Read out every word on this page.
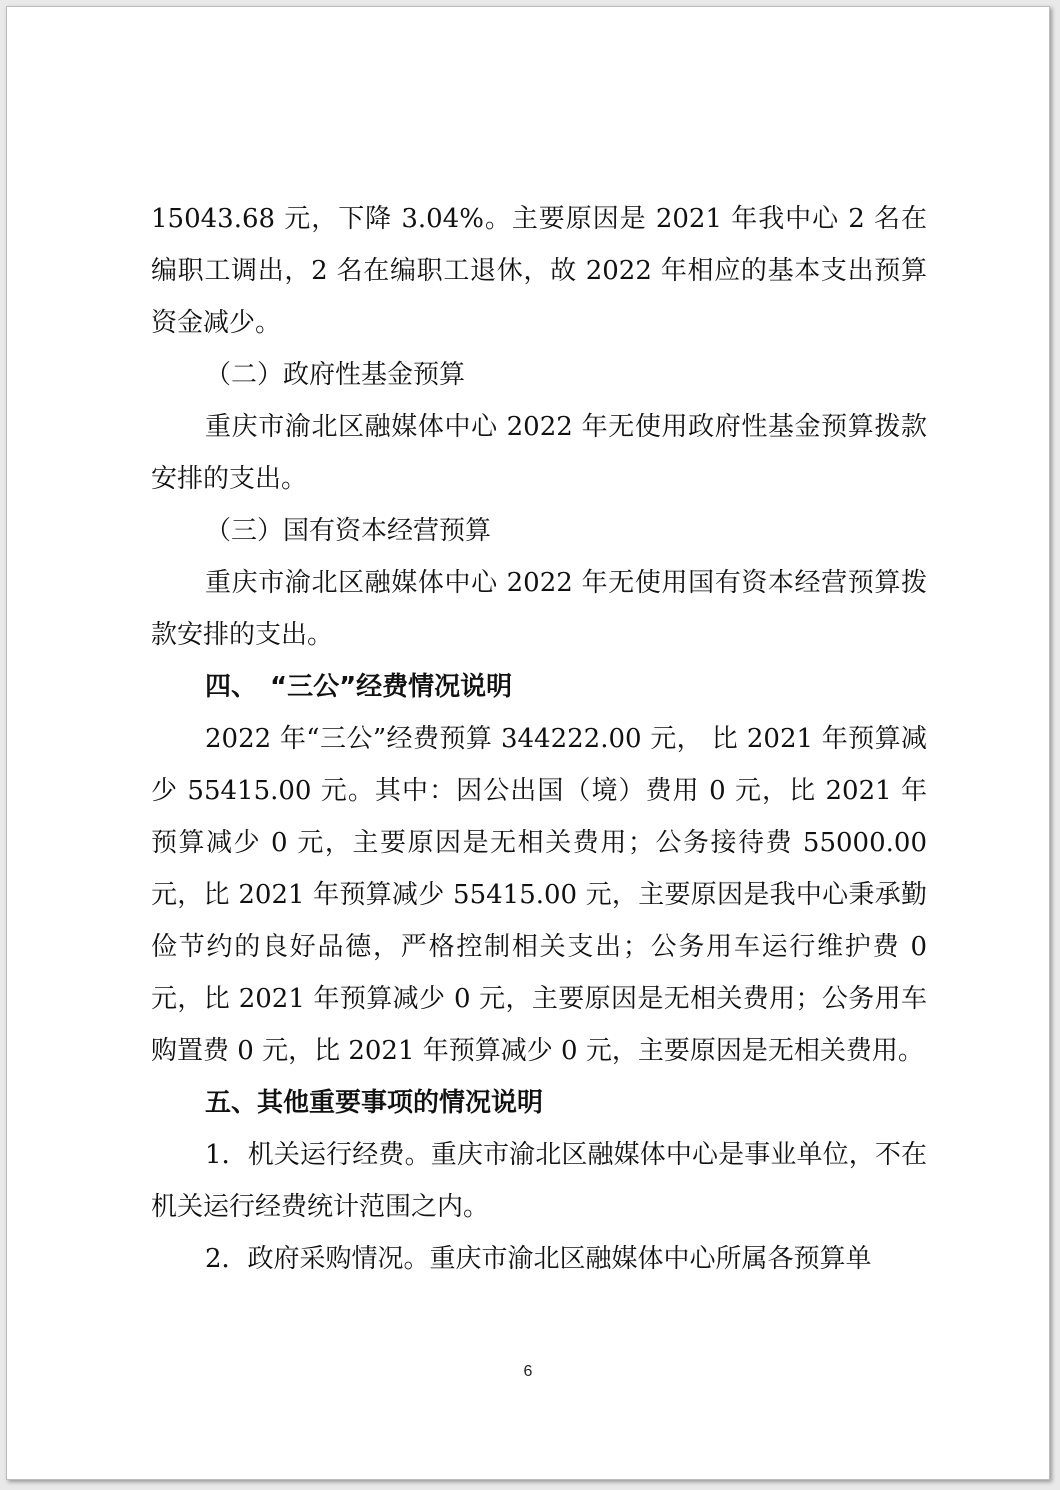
15043.68 元，下降 3.04%。主要原因是 2021 年我中心 2 名在编职工调出，2 名在编职工退休，故 2022 年相应的基本支出预算资金减少。

（二）政府性基金预算

重庆市渝北区融媒体中心 2022 年无使用政府性基金预算拨款安排的支出。

（三）国有资本经营预算

重庆市渝北区融媒体中心 2022 年无使用国有资本经营预算拨款安排的支出。

四、　“三公”经费情况说明

2022 年“三公”经费预算 344222.00 元， 比 2021 年预算减少 55415.00 元。其中：因公出国（境）费用 0 元，比 2021 年预算减少 0 元，主要原因是无相关费用；公务接待费 55000.00 元，比 2021 年预算减少 55415.00 元，主要原因是我中心秉承勤俭节约的良好品德，严格控制相关支出；公务用车运行维护费 0 元，比 2021 年预算减少 0 元，主要原因是无相关费用；公务用车购置费 0 元，比 2021 年预算减少 0 元，主要原因是无相关费用。

五、其他重要事项的情况说明

1．机关运行经费。重庆市渝北区融媒体中心是事业单位，不在机关运行经费统计范围之内。

2．政府采购情况。重庆市渝北区融媒体中心所属各预算单

6
